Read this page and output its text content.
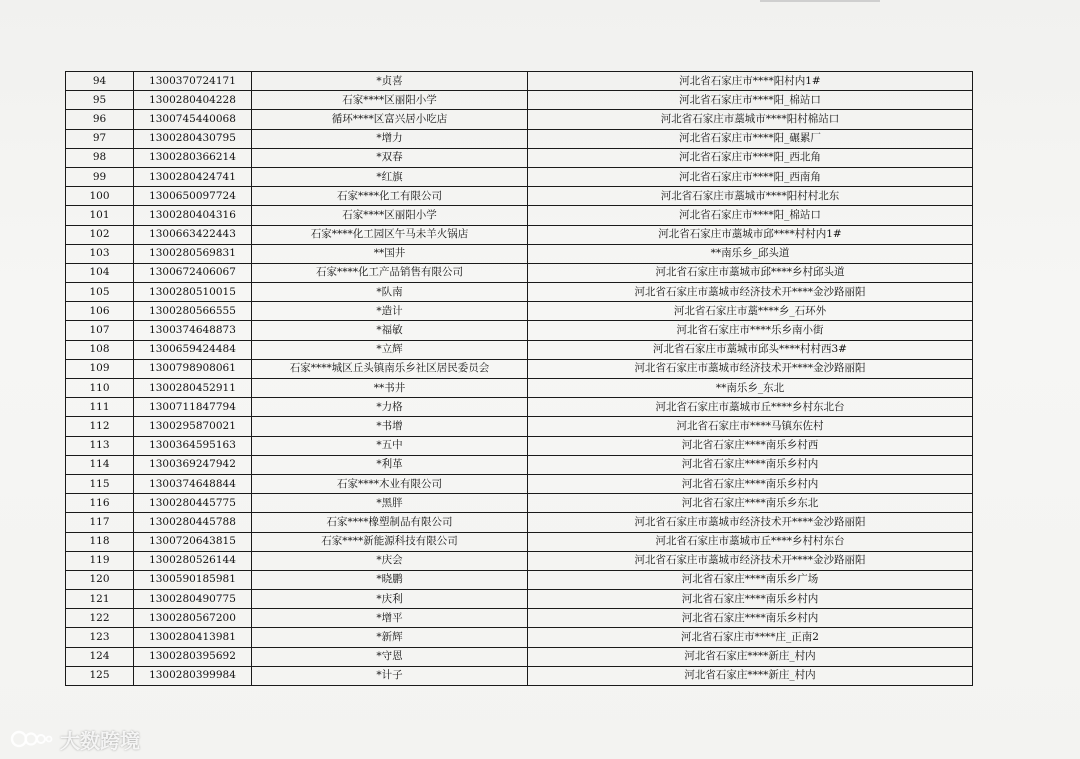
94	1300370724171	*贞喜	河北省石家庄市****阳村内1#
95	1300280404228	石家****区丽阳小学	河北省石家庄市****阳_棉站口
96	1300745440068	循环****区富兴居小吃店	河北省石家庄市藁城市****阳村棉站口
97	1300280430795	*增力	河北省石家庄市****阳_碾累厂
98	1300280366214	*双春	河北省石家庄市****阳_西北角
99	1300280424741	*红旗	河北省石家庄市****阳_西南角
100	1300650097724	石家****化工有限公司	河北省石家庄市藁城市****阳村村北东
101	1300280404316	石家****区丽阳小学	河北省石家庄市****阳_棉站口
102	1300663422443	石家****化工园区午马未羊火锅店	河北省石家庄市藁城市邱****村村内1#
103	1300280569831	**国井	**南乐乡_邱头道
104	1300672406067	石家****化工产品销售有限公司	河北省石家庄市藁城市邱****乡村邱头道
105	1300280510015	*队南	河北省石家庄市藁城市经济技术开****金沙路丽阳
106	1300280566555	*造计	河北省石家庄市藁****乡_石环外
107	1300374648873	*福敏	河北省石家庄市****乐乡南小街
108	1300659424484	*立辉	河北省石家庄市藁城市邱头****村村西3#
109	1300798908061	石家****城区丘头镇南乐乡社区居民委员会	河北省石家庄市藁城市经济技术开****金沙路丽阳
110	1300280452911	**书井	**南乐乡_东北
111	1300711847794	*力格	河北省石家庄市藁城市丘****乡村东北台
112	1300295870021	*书增	河北省石家庄市****马镇东佐村
113	1300364595163	*五中	河北省石家庄****南乐乡村西
114	1300369247942	*利革	河北省石家庄****南乐乡村内
115	1300374648844	石家****木业有限公司	河北省石家庄****南乐乡村内
116	1300280445775	*黑胖	河北省石家庄****南乐乡东北
117	1300280445788	石家****橡塑制品有限公司	河北省石家庄市藁城市经济技术开****金沙路丽阳
118	1300720643815	石家****新能源科技有限公司	河北省石家庄市藁城市丘****乡村村东台
119	1300280526144	*庆会	河北省石家庄市藁城市经济技术开****金沙路丽阳
120	1300590185981	*晓鹏	河北省石家庄****南乐乡广场
121	1300280490775	*庆利	河北省石家庄****南乐乡村内
122	1300280567200	*增平	河北省石家庄****南乐乡村内
123	1300280413981	*新辉	河北省石家庄市****庄_正南2
124	1300280395692	*守恩	河北省石家庄****新庄_村内
125	1300280399984	*计子	河北省石家庄****新庄_村内
大数跨境
